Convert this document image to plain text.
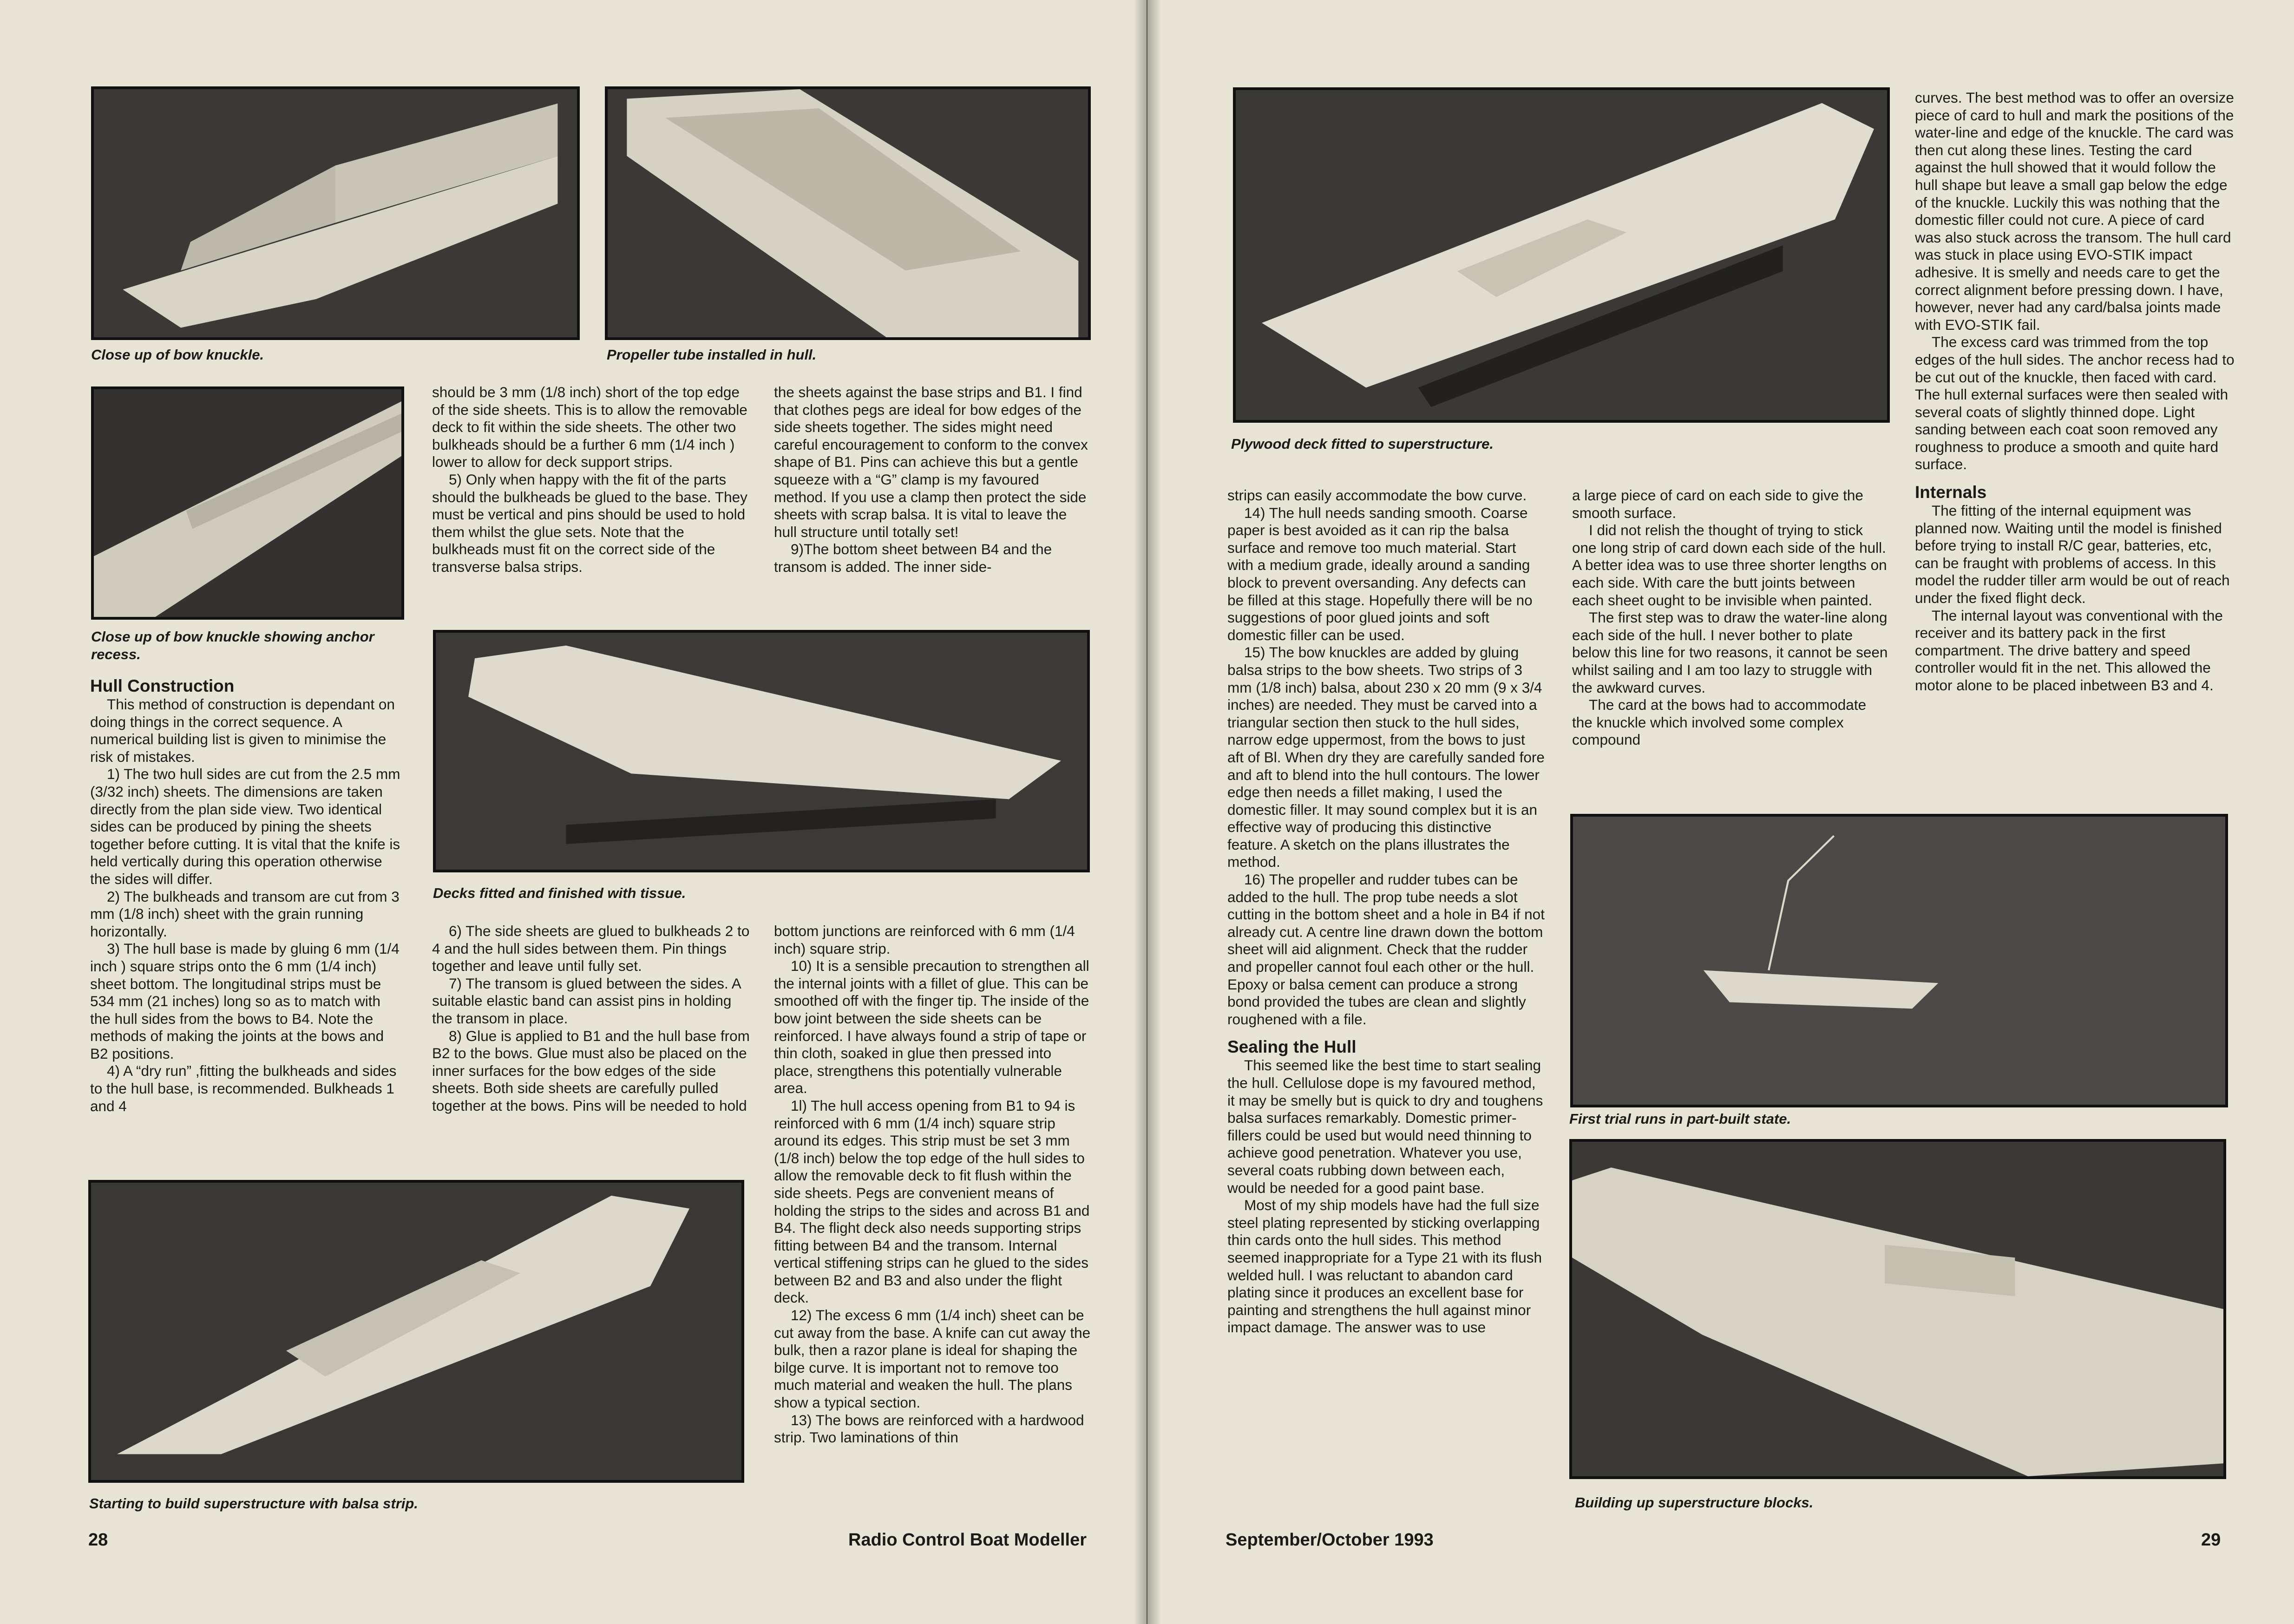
Close up of bow knuckle.	Propeller tube installed in hull.

Close up of bow knuckle showing anchor recess.

Hull Construction

This method of construction is dependant on doing things in the correct sequence. A numerical building list is given to minimise the risk of mistakes.

1) The two hull sides are cut from the 2.5 mm (3/32 inch) sheets. The dimensions are taken directly from the plan side view. Two identical sides can be produced by pining the sheets together before cutting. It is vital that the knife is held vertically during this operation otherwise the sides will differ.

2) The bulkheads and transom are cut from 3 mm (1/8 inch) sheet with the grain running horizontally.

3) The hull base is made by gluing 6 mm (1/4 inch ) square strips onto the 6 mm (1/4 inch) sheet bottom. The longitudinal strips must be 534 mm (21 inches) long so as to match with the hull sides from the bows to B4. Note the methods of making the joints at the bows and B2 positions.

4) A “dry run” ,fitting the bulkheads and sides to the hull base, is recommended. Bulkheads 1 and 4

should be 3 mm (1/8 inch) short of the top edge of the side sheets. This is to allow the removable deck to fit within the side sheets. The other two bulkheads should be a further 6 mm (1/4 inch ) lower to allow for deck support strips.

5) Only when happy with the fit of the parts should the bulkheads be glued to the base. They must be vertical and pins should be used to hold them whilst the glue sets. Note that the bulkheads must fit on the correct side of the transverse balsa strips.

the sheets against the base strips and B1. I find that clothes pegs are ideal for bow edges of the side sheets together. The sides might need careful encouragement to conform to the convex shape of B1. Pins can achieve this but a gentle squeeze with a “G” clamp is my favoured method. If you use a clamp then protect the side sheets with scrap balsa. It is vital to leave the hull structure until totally set!

9)The bottom sheet between B4 and the transom is added. The inner side-

Decks fitted and finished with tissue.

6) The side sheets are glued to bulkheads 2 to 4 and the hull sides between them. Pin things together and leave until fully set.

7) The transom is glued between the sides. A suitable elastic band can assist pins in holding the transom in place.

8) Glue is applied to B1 and the hull base from B2 to the bows. Glue must also be placed on the inner surfaces for the bow edges of the side sheets. Both side sheets are carefully pulled together at the bows. Pins will be needed to hold

bottom junctions are reinforced with 6 mm (1/4 inch) square strip.

10) It is a sensible precaution to strengthen all the internal joints with a fillet of glue. This can be smoothed off with the finger tip. The inside of the bow joint between the side sheets can be reinforced. I have always found a strip of tape or thin cloth, soaked in glue then pressed into place, strengthens this potentially vulnerable area.

1l) The hull access opening from B1 to 94 is reinforced with 6 mm (1/4 inch) square strip around its edges. This strip must be set 3 mm (1/8 inch) below the top edge of the hull sides to allow the removable deck to fit flush within the side sheets. Pegs are convenient means of holding the strips to the sides and across B1 and B4. The flight deck also needs supporting strips fitting between B4 and the transom. Internal vertical stiffening strips can he glued to the sides between B2 and B3 and also under the flight deck.

12) The excess 6 mm (1/4 inch) sheet can be cut away from the base. A knife can cut away the bulk, then a razor plane is ideal for shaping the bilge curve. It is important not to remove too much material and weaken the hull. The plans show a typical section.

13) The bows are reinforced with a hardwood strip. Two laminations of thin

Starting to build superstructure with balsa strip.

28	Radio Control Boat Modeller

Plywood deck fitted to superstructure.

curves. The best method was to offer an oversize piece of card to hull and mark the positions of the water-line and edge of the knuckle. The card was then cut along these lines. Testing the card against the hull showed that it would follow the hull shape but leave a small gap below the edge of the knuckle. Luckily this was nothing that the domestic filler could not cure. A piece of card was also stuck across the transom. The hull card was stuck in place using EVO-STIK impact adhesive. It is smelly and needs care to get the correct alignment before pressing down. I have, however, never had any card/balsa joints made with EVO-STIK fail.

The excess card was trimmed from the top edges of the hull sides. The anchor recess had to be cut out of the knuckle, then faced with card. The hull external surfaces were then sealed with several coats of slightly thinned dope. Light sanding between each coat soon removed any roughness to produce a smooth and quite hard surface.

Internals

The fitting of the internal equipment was planned now. Waiting until the model is finished before trying to install R/C gear, batteries, etc, can be fraught with problems of access. In this model the rudder tiller arm would be out of reach under the fixed flight deck.

The internal layout was conventional with the receiver and its battery pack in the first compartment. The drive battery and speed controller would fit in the net. This allowed the motor alone to be placed inbetween B3 and 4.

strips can easily accommodate the bow curve.

14) The hull needs sanding smooth. Coarse paper is best avoided as it can rip the balsa surface and remove too much material. Start with a medium grade, ideally around a sanding block to prevent oversanding. Any defects can be filled at this stage. Hopefully there will be no suggestions of poor glued joints and soft domestic filler can be used.

15) The bow knuckles are added by gluing balsa strips to the bow sheets. Two strips of 3 mm (1/8 inch) balsa, about 230 x 20 mm (9 x 3/4 inches) are needed. They must be carved into a triangular section then stuck to the hull sides, narrow edge uppermost, from the bows to just aft of Bl. When dry they are carefully sanded fore and aft to blend into the hull contours. The lower edge then needs a fillet making, I used the domestic filler. It may sound complex but it is an effective way of producing this distinctive feature. A sketch on the plans illustrates the method.

16) The propeller and rudder tubes can be added to the hull. The prop tube needs a slot cutting in the bottom sheet and a hole in B4 if not already cut. A centre line drawn down the bottom sheet will aid alignment. Check that the rudder and propeller cannot foul each other or the hull. Epoxy or balsa cement can produce a strong bond provided the tubes are clean and slightly roughened with a file.

Sealing the Hull

This seemed like the best time to start sealing the hull. Cellulose dope is my favoured method, it may be smelly but is quick to dry and toughens balsa surfaces remarkably. Domestic primer-fillers could be used but would need thinning to achieve good penetration. Whatever you use, several coats rubbing down between each, would be needed for a good paint base.

Most of my ship models have had the full size steel plating represented by sticking overlapping thin cards onto the hull sides. This method seemed inappropriate for a Type 21 with its flush welded hull. I was reluctant to abandon card plating since it produces an excellent base for painting and strengthens the hull against minor impact damage. The answer was to use

a large piece of card on each side to give the smooth surface.

I did not relish the thought of trying to stick one long strip of card down each side of the hull. A better idea was to use three shorter lengths on each side. With care the butt joints between each sheet ought to be invisible when painted.

The first step was to draw the water-line along each side of the hull. I never bother to plate below this line for two reasons, it cannot be seen whilst sailing and I am too lazy to struggle with the awkward curves.

The card at the bows had to accommodate the knuckle which involved some complex compound

First trial runs in part-built state.

Building up superstructure blocks.

September/October 1993	29
